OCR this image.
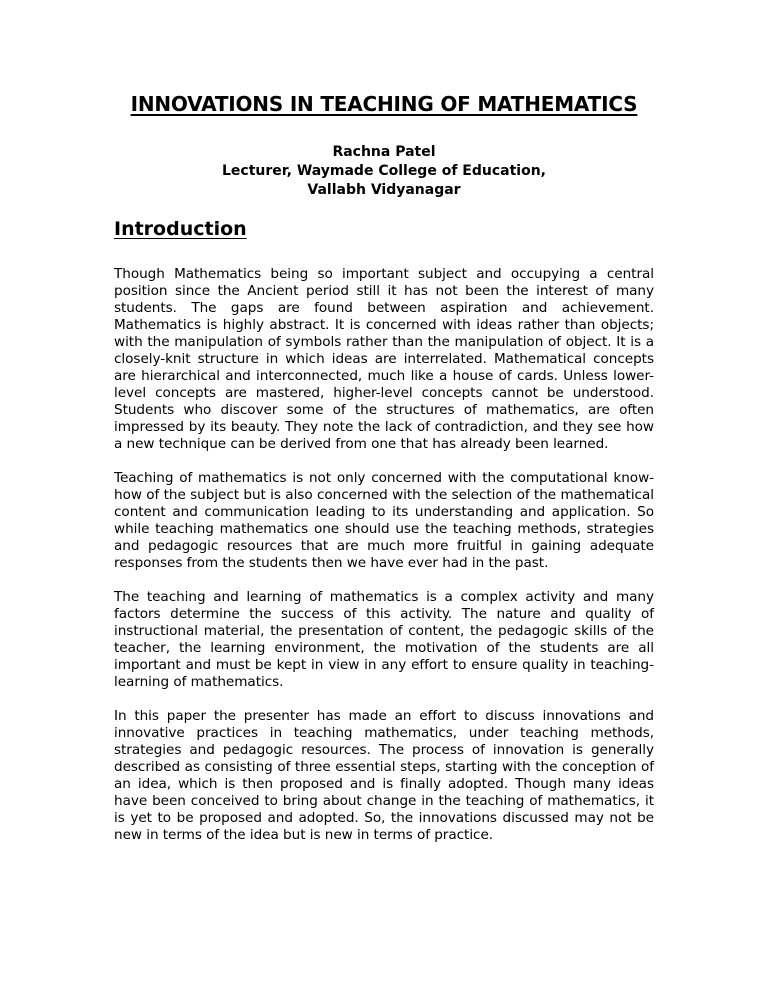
INNOVATIONS IN TEACHING OF MATHEMATICS
Rachna Patel
Lecturer, Waymade College of Education,
Vallabh Vidyanagar
Introduction

Though Mathematics being so important subject and occupying a central position since the Ancient period still it has not been the interest of many students. The gaps are found between aspiration and achievement. Mathematics is highly abstract. It is concerned with ideas rather than objects; with the manipulation of symbols rather than the manipulation of object. It is a closely-knit structure in which ideas are interrelated. Mathematical concepts are hierarchical and interconnected, much like a house of cards. Unless lower-level concepts are mastered, higher-level concepts cannot be understood. Students who discover some of the structures of mathematics, are often impressed by its beauty. They note the lack of contradiction, and they see how a new technique can be derived from one that has already been learned.

Teaching of mathematics is not only concerned with the computational know-how of the subject but is also concerned with the selection of the mathematical content and communication leading to its understanding and application. So while teaching mathematics one should use the teaching methods, strategies and pedagogic resources that are much more fruitful in gaining adequate responses from the students then we have ever had in the past.

The teaching and learning of mathematics is a complex activity and many factors determine the success of this activity. The nature and quality of instructional material, the presentation of content, the pedagogic skills of the teacher, the learning environment, the motivation of the students are all important and must be kept in view in any effort to ensure quality in teaching-learning of mathematics.

In this paper the presenter has made an effort to discuss innovations and innovative practices in teaching mathematics, under teaching methods, strategies and pedagogic resources. The process of innovation is generally described as consisting of three essential steps, starting with the conception of an idea, which is then proposed and is finally adopted. Though many ideas have been conceived to bring about change in the teaching of mathematics, it is yet to be proposed and adopted. So, the innovations discussed may not be new in terms of the idea but is new in terms of practice.
